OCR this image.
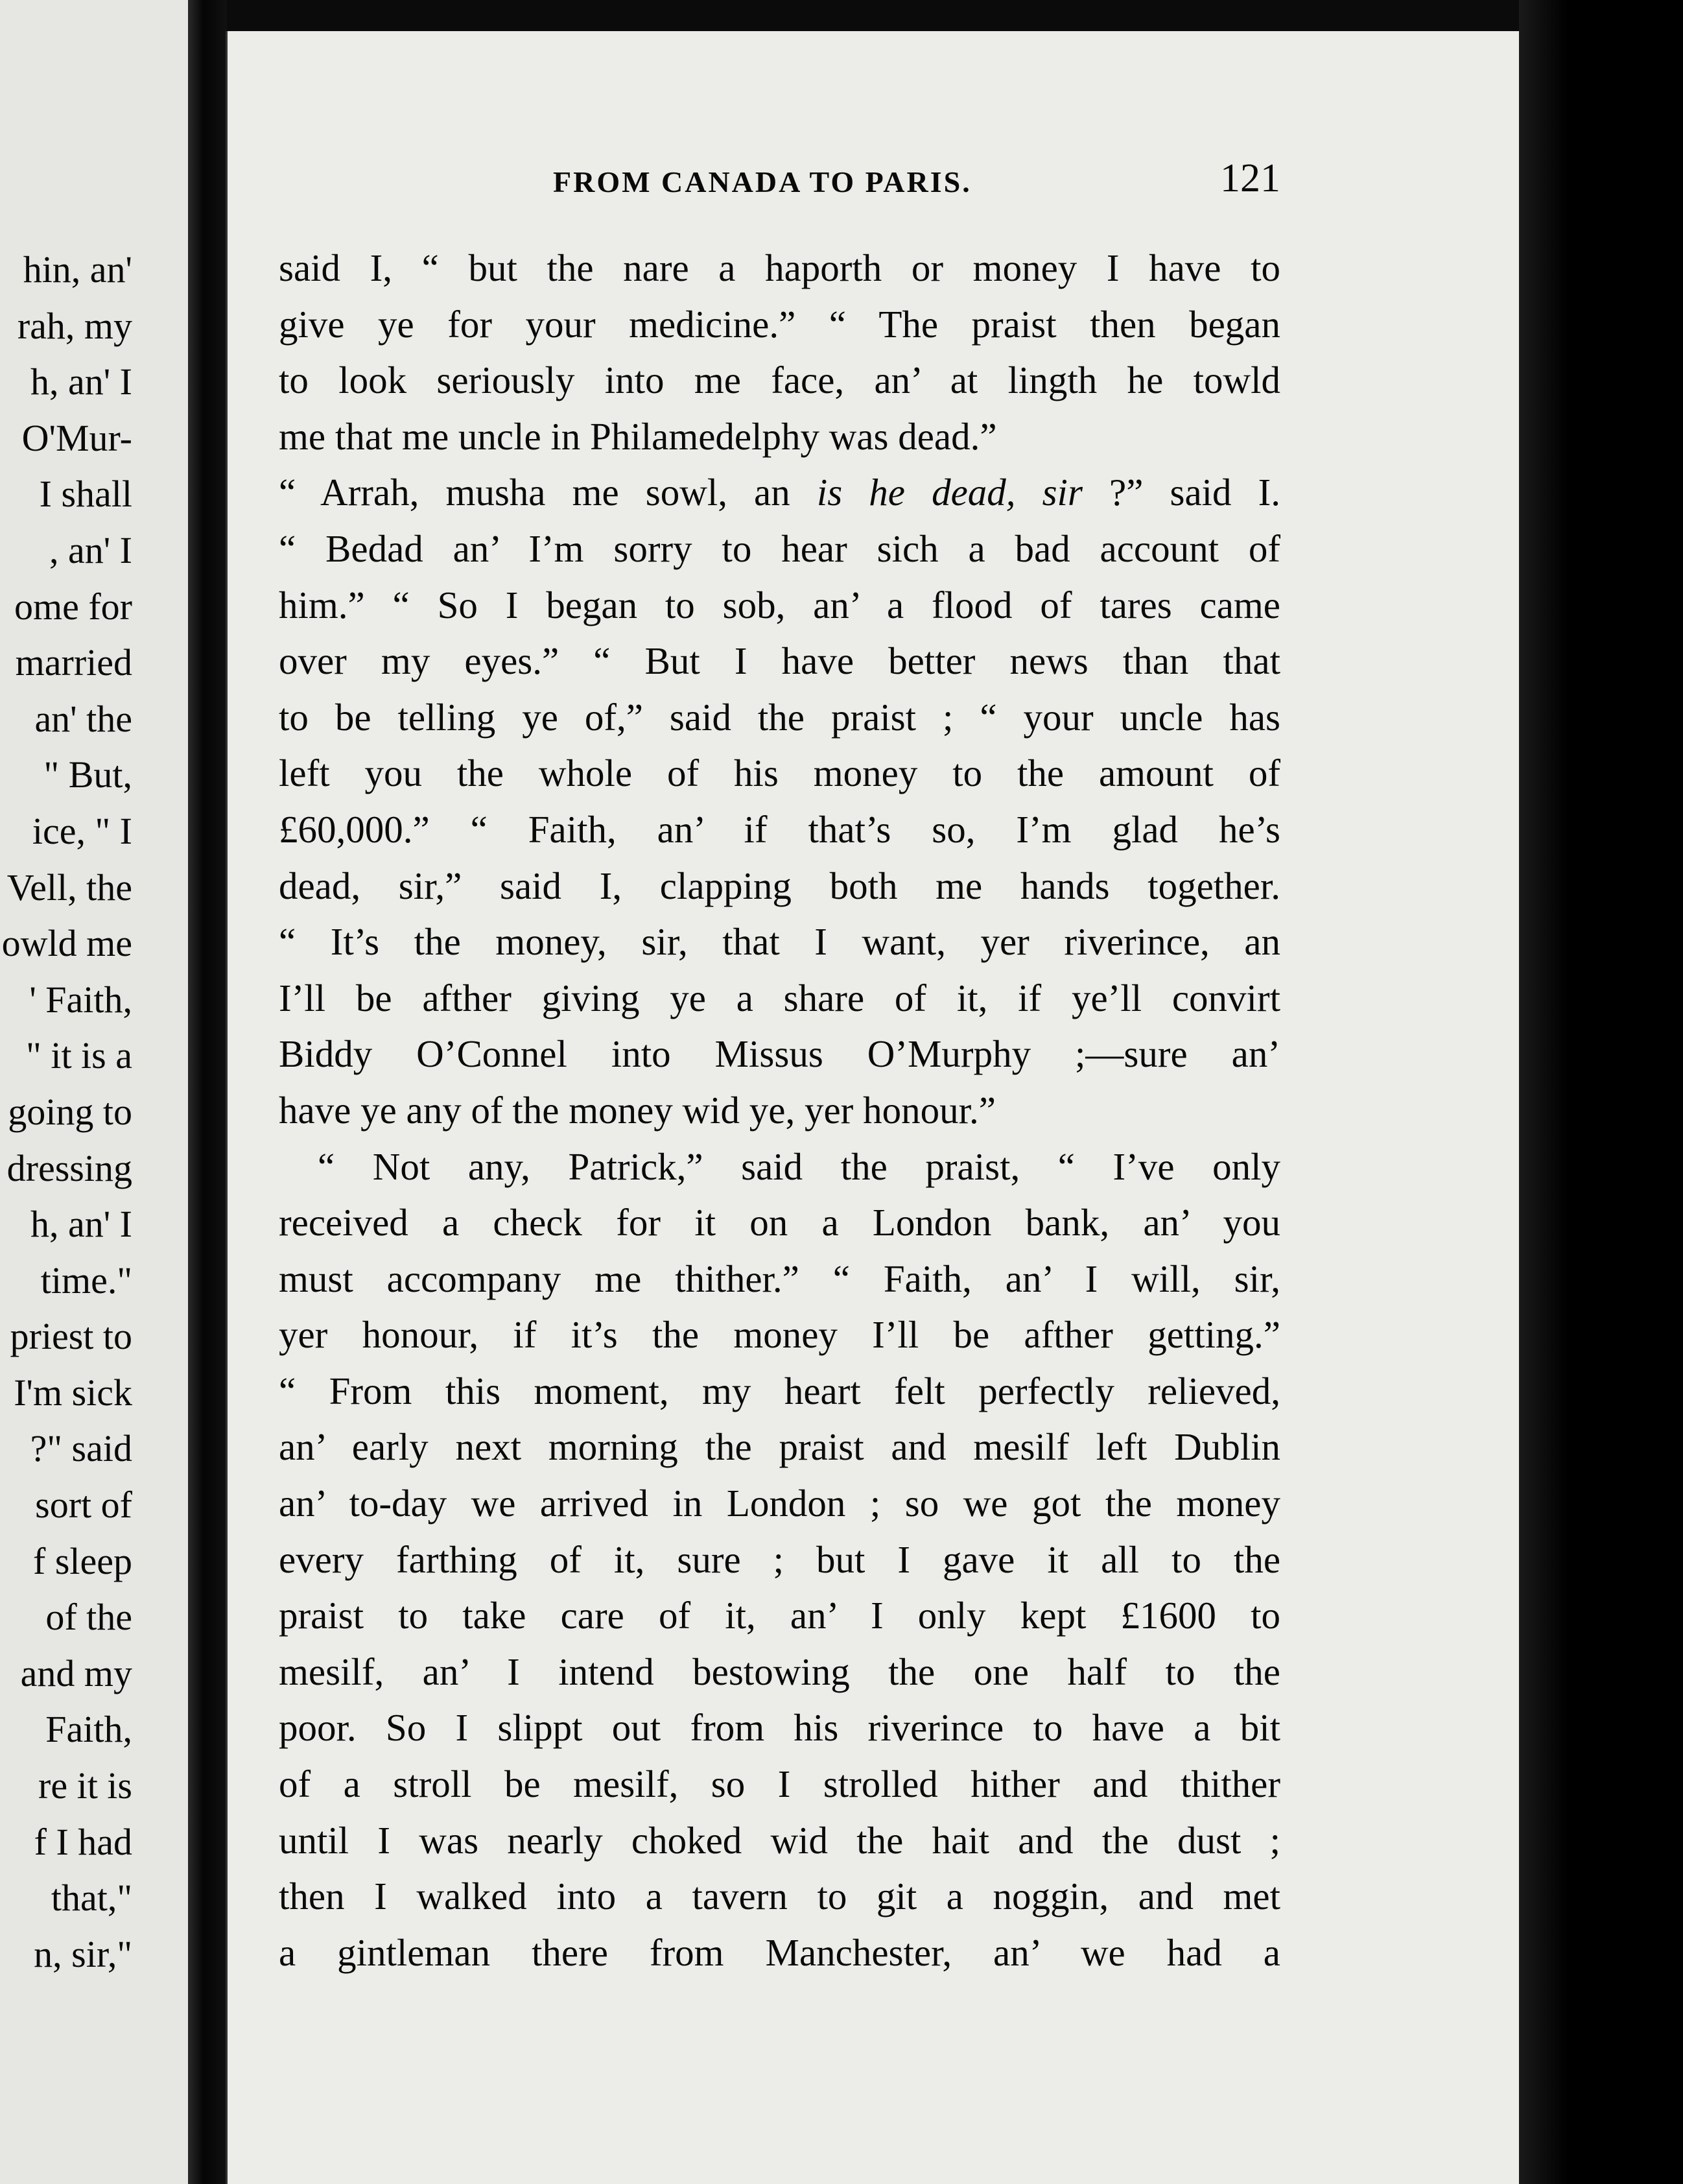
hin, an'
rah, my
h, an' I
O'Mur-
I shall
, an' I
ome for
married
an' the
" But,
ice, " I
Vell, the
owld me
' Faith,
" it is a
going to
dressing
h, an' I
time."
priest to
I'm sick
?" said
sort of
f sleep
of the
and my
Faith,
re it is
f I had
that,"
n, sir,"
FROM CANADA TO PARIS.	121
said I, “ but the nare a haporth or money I have to
give ye for your medicine.” “ The praist then began
to look seriously into me face, an’ at lingth he towld
me that me uncle in Philamedelphy was dead.”
“ Arrah, musha me sowl, an is he dead, sir ?” said I.
“ Bedad an’ I’m sorry to hear sich a bad account of
him.” “ So I began to sob, an’ a flood of tares came
over my eyes.” “ But I have better news than that
to be telling ye of,” said the praist ; “ your uncle has
left you the whole of his money to the amount of
£60,000.” “ Faith, an’ if that’s so, I’m glad he’s
dead, sir,” said I, clapping both me hands together.
“ It’s the money, sir, that I want, yer riverince, an
I’ll be afther giving ye a share of it, if ye’ll convirt
Biddy O’Connel into Missus O’Murphy ;—sure an’
have ye any of the money wid ye, yer honour.”
“ Not any, Patrick,” said the praist, “ I’ve only
received a check for it on a London bank, an’ you
must accompany me thither.” “ Faith, an’ I will, sir,
yer honour, if it’s the money I’ll be afther getting.”
“ From this moment, my heart felt perfectly relieved,
an’ early next morning the praist and mesilf left Dublin
an’ to-day we arrived in London ; so we got the money
every farthing of it, sure ; but I gave it all to the
praist to take care of it, an’ I only kept £1600 to
mesilf, an’ I intend bestowing the one half to the
poor. So I slippt out from his riverince to have a bit
of a stroll be mesilf, so I strolled hither and thither
until I was nearly choked wid the hait and the dust ;
then I walked into a tavern to git a noggin, and met
a gintleman there from Manchester, an’ we had a
